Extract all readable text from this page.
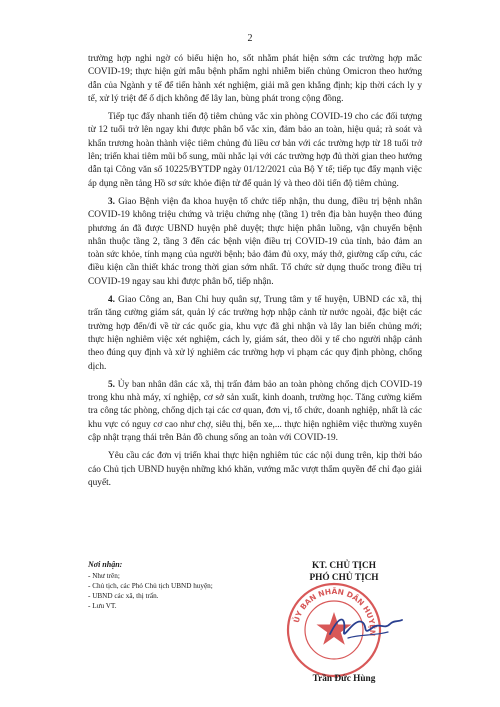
2

trường hợp nghi ngờ có biểu hiện ho, sốt nhằm phát hiện sớm các trường hợp mắc COVID-19; thực hiện gửi mẫu bệnh phẩm nghi nhiễm biến chủng Omicron theo hướng dẫn của Ngành y tế để tiến hành xét nghiệm, giải mã gen khẳng định; kịp thời cách ly y tế, xử lý triệt để ổ dịch không để lây lan, bùng phát trong cộng đồng.

Tiếp tục đẩy nhanh tiến độ tiêm chủng vắc xin phòng COVID-19 cho các đối tượng từ 12 tuổi trở lên ngay khi được phân bổ vắc xin, đảm bảo an toàn, hiệu quả; rà soát và khẩn trương hoàn thành việc tiêm chủng đủ liều cơ bản với các trường hợp từ 18 tuổi trở lên; triển khai tiêm mũi bổ sung, mũi nhắc lại với các trường hợp đủ thời gian theo hướng dẫn tại Công văn số 10225/BYTDP ngày 01/12/2021 của Bộ Y tế; tiếp tục đẩy mạnh việc áp dụng nền tảng Hồ sơ sức khỏe điện tử để quản lý và theo dõi tiến độ tiêm chủng.

3. Giao Bệnh viện đa khoa huyện tổ chức tiếp nhận, thu dung, điều trị bệnh nhân COVID-19 không triệu chứng và triệu chứng nhẹ (tầng 1) trên địa bàn huyện theo đúng phương án đã được UBND huyện phê duyệt; thực hiện phân luồng, vận chuyển bệnh nhân thuộc tầng 2, tầng 3 đến các bệnh viện điều trị COVID-19 của tỉnh, bảo đảm an toàn sức khỏe, tính mạng của người bệnh; bảo đảm đủ oxy, máy thở, giường cấp cứu, các điều kiện cần thiết khác trong thời gian sớm nhất. Tổ chức sử dụng thuốc trong điều trị COVID-19 ngay sau khi được phân bổ, tiếp nhận.

4. Giao Công an, Ban Chỉ huy quân sự, Trung tâm y tế huyện, UBND các xã, thị trấn tăng cường giám sát, quản lý các trường hợp nhập cảnh từ nước ngoài, đặc biệt các trường hợp đến/đi về từ các quốc gia, khu vực đã ghi nhận và lây lan biến chủng mới; thực hiện nghiêm việc xét nghiệm, cách ly, giám sát, theo dõi y tế cho người nhập cảnh theo đúng quy định và xử lý nghiêm các trường hợp vi phạm các quy định phòng, chống dịch.

5. Ủy ban nhân dân các xã, thị trấn đảm bảo an toàn phòng chống dịch COVID-19 trong khu nhà máy, xí nghiệp, cơ sở sản xuất, kinh doanh, trường học. Tăng cường kiểm tra công tác phòng, chống dịch tại các cơ quan, đơn vị, tổ chức, doanh nghiệp, nhất là các khu vực có nguy cơ cao như chợ, siêu thị, bến xe,... thực hiện nghiêm việc thường xuyên cập nhật trạng thái trên Bản đồ chung sống an toàn với COVID-19.

Yêu cầu các đơn vị triển khai thực hiện nghiêm túc các nội dung trên, kịp thời báo cáo Chủ tịch UBND huyện những khó khăn, vướng mắc vượt thẩm quyền để chỉ đạo giải quyết.

Nơi nhận:
- Như trên;
- Chủ tịch, các Phó Chủ tịch UBND huyện;
- UBND các xã, thị trấn.
- Lưu VT.
KT. CHỦ TỊCH
PHÓ CHỦ TỊCH
ỦY BAN NHÂN DÂN HUYỆN
Trần Đức Hùng
